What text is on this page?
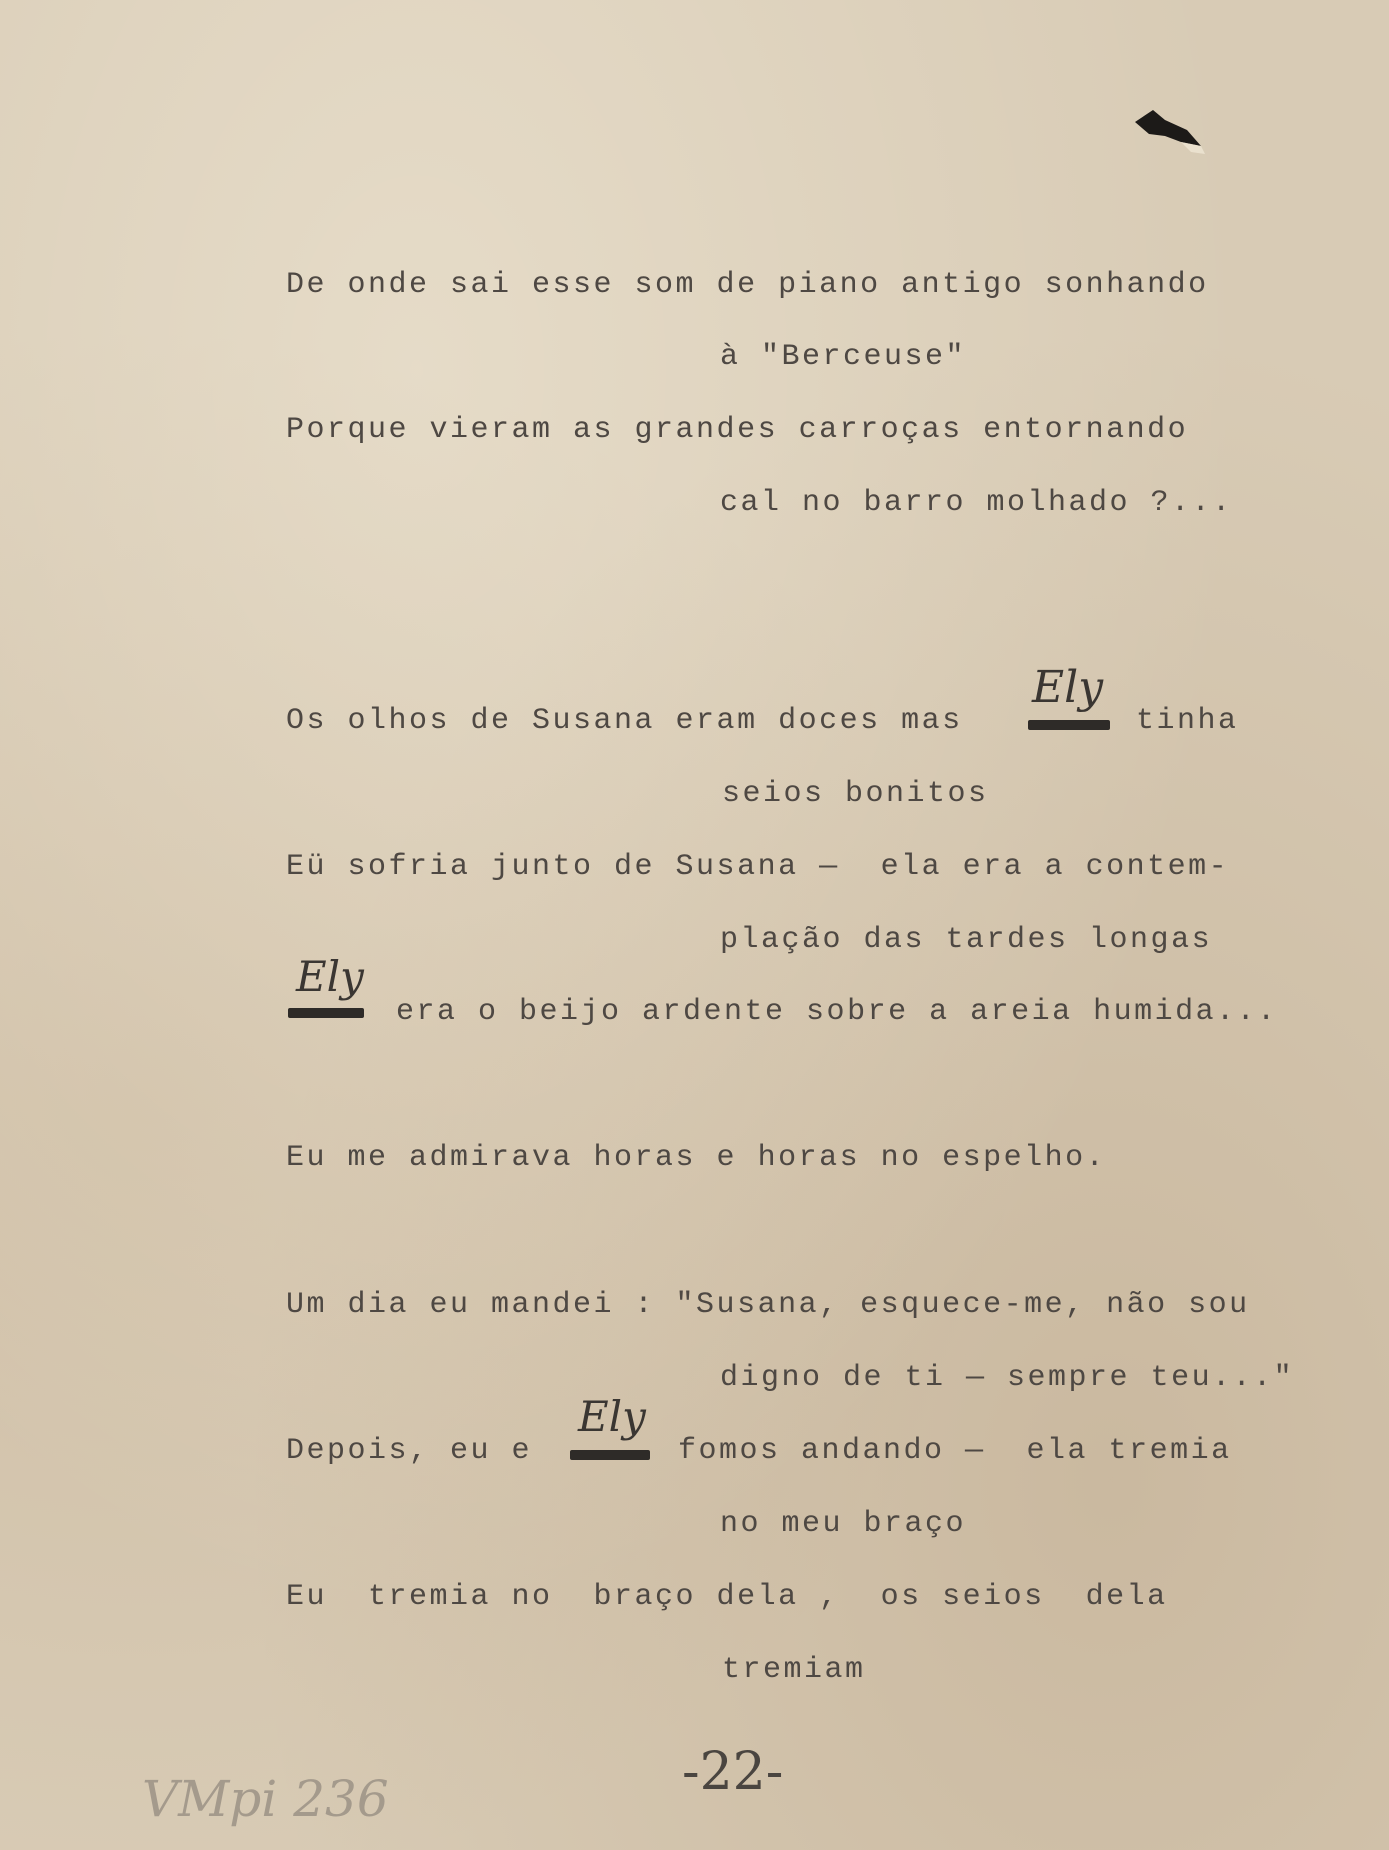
De onde sai esse som de piano antigo sonhando

à "Berceuse"

Porque vieram as grandes carroças entornando

cal no barro molhado ?...

Os olhos de Susana eram doces mas

Ely

tinha

seios bonitos

Eü sofria junto de Susana —  ela era a contem-

plação das tardes longas

Ely

era o beijo ardente sobre a areia humida...

Eu me admirava horas e horas no espelho.

Um dia eu mandei : "Susana, esquece-me, não sou

digno de ti — sempre teu..."

Depois, eu e

Ely

fomos andando —  ela tremia

no meu braço

Eu  tremia no  braço dela ,  os seios  dela

tremiam

-22-

VMpi 236
